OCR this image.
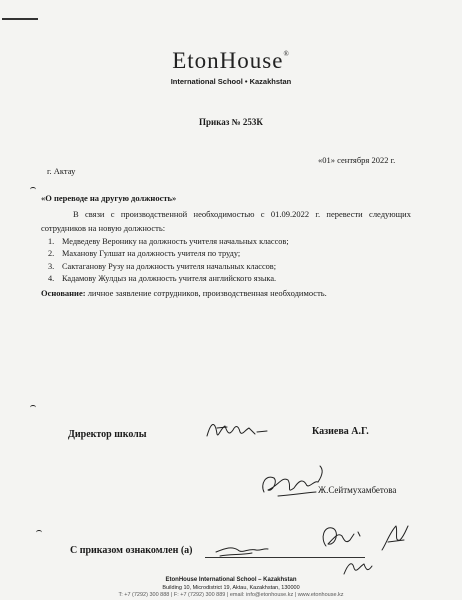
EtonHouse®
International School • Kazakhstan
Приказ № 253К
«01» сентября 2022 г.
г. Актау
«О переводе на другую должность»
В связи с производственной необходимостью с 01.09.2022 г. перевести следующих сотрудников на новую должность:
1. Медведеву Веронику на должность учителя начальных классов;
2. Маханову Гулшат на должность учителя по труду;
3. Сактаганову Рузу на должность учителя начальных классов;
4. Кадамову Жулдыз на должность учителя английского языка.
Основание: личное заявление сотрудников, производственная необходимость.
Директор школы	Казиева А.Г.
Ж.Сейтмухамбетова
С приказом ознакомлен (а)
EtonHouse International School – Kazakhstan
Building 10, Microdistrict 19, Aktau, Kazakhstan, 130000
T: +7 (7292) 300 888 | F: +7 (7292) 300 889 | email: info@etonhouse.kz | www.etonhouse.kz
